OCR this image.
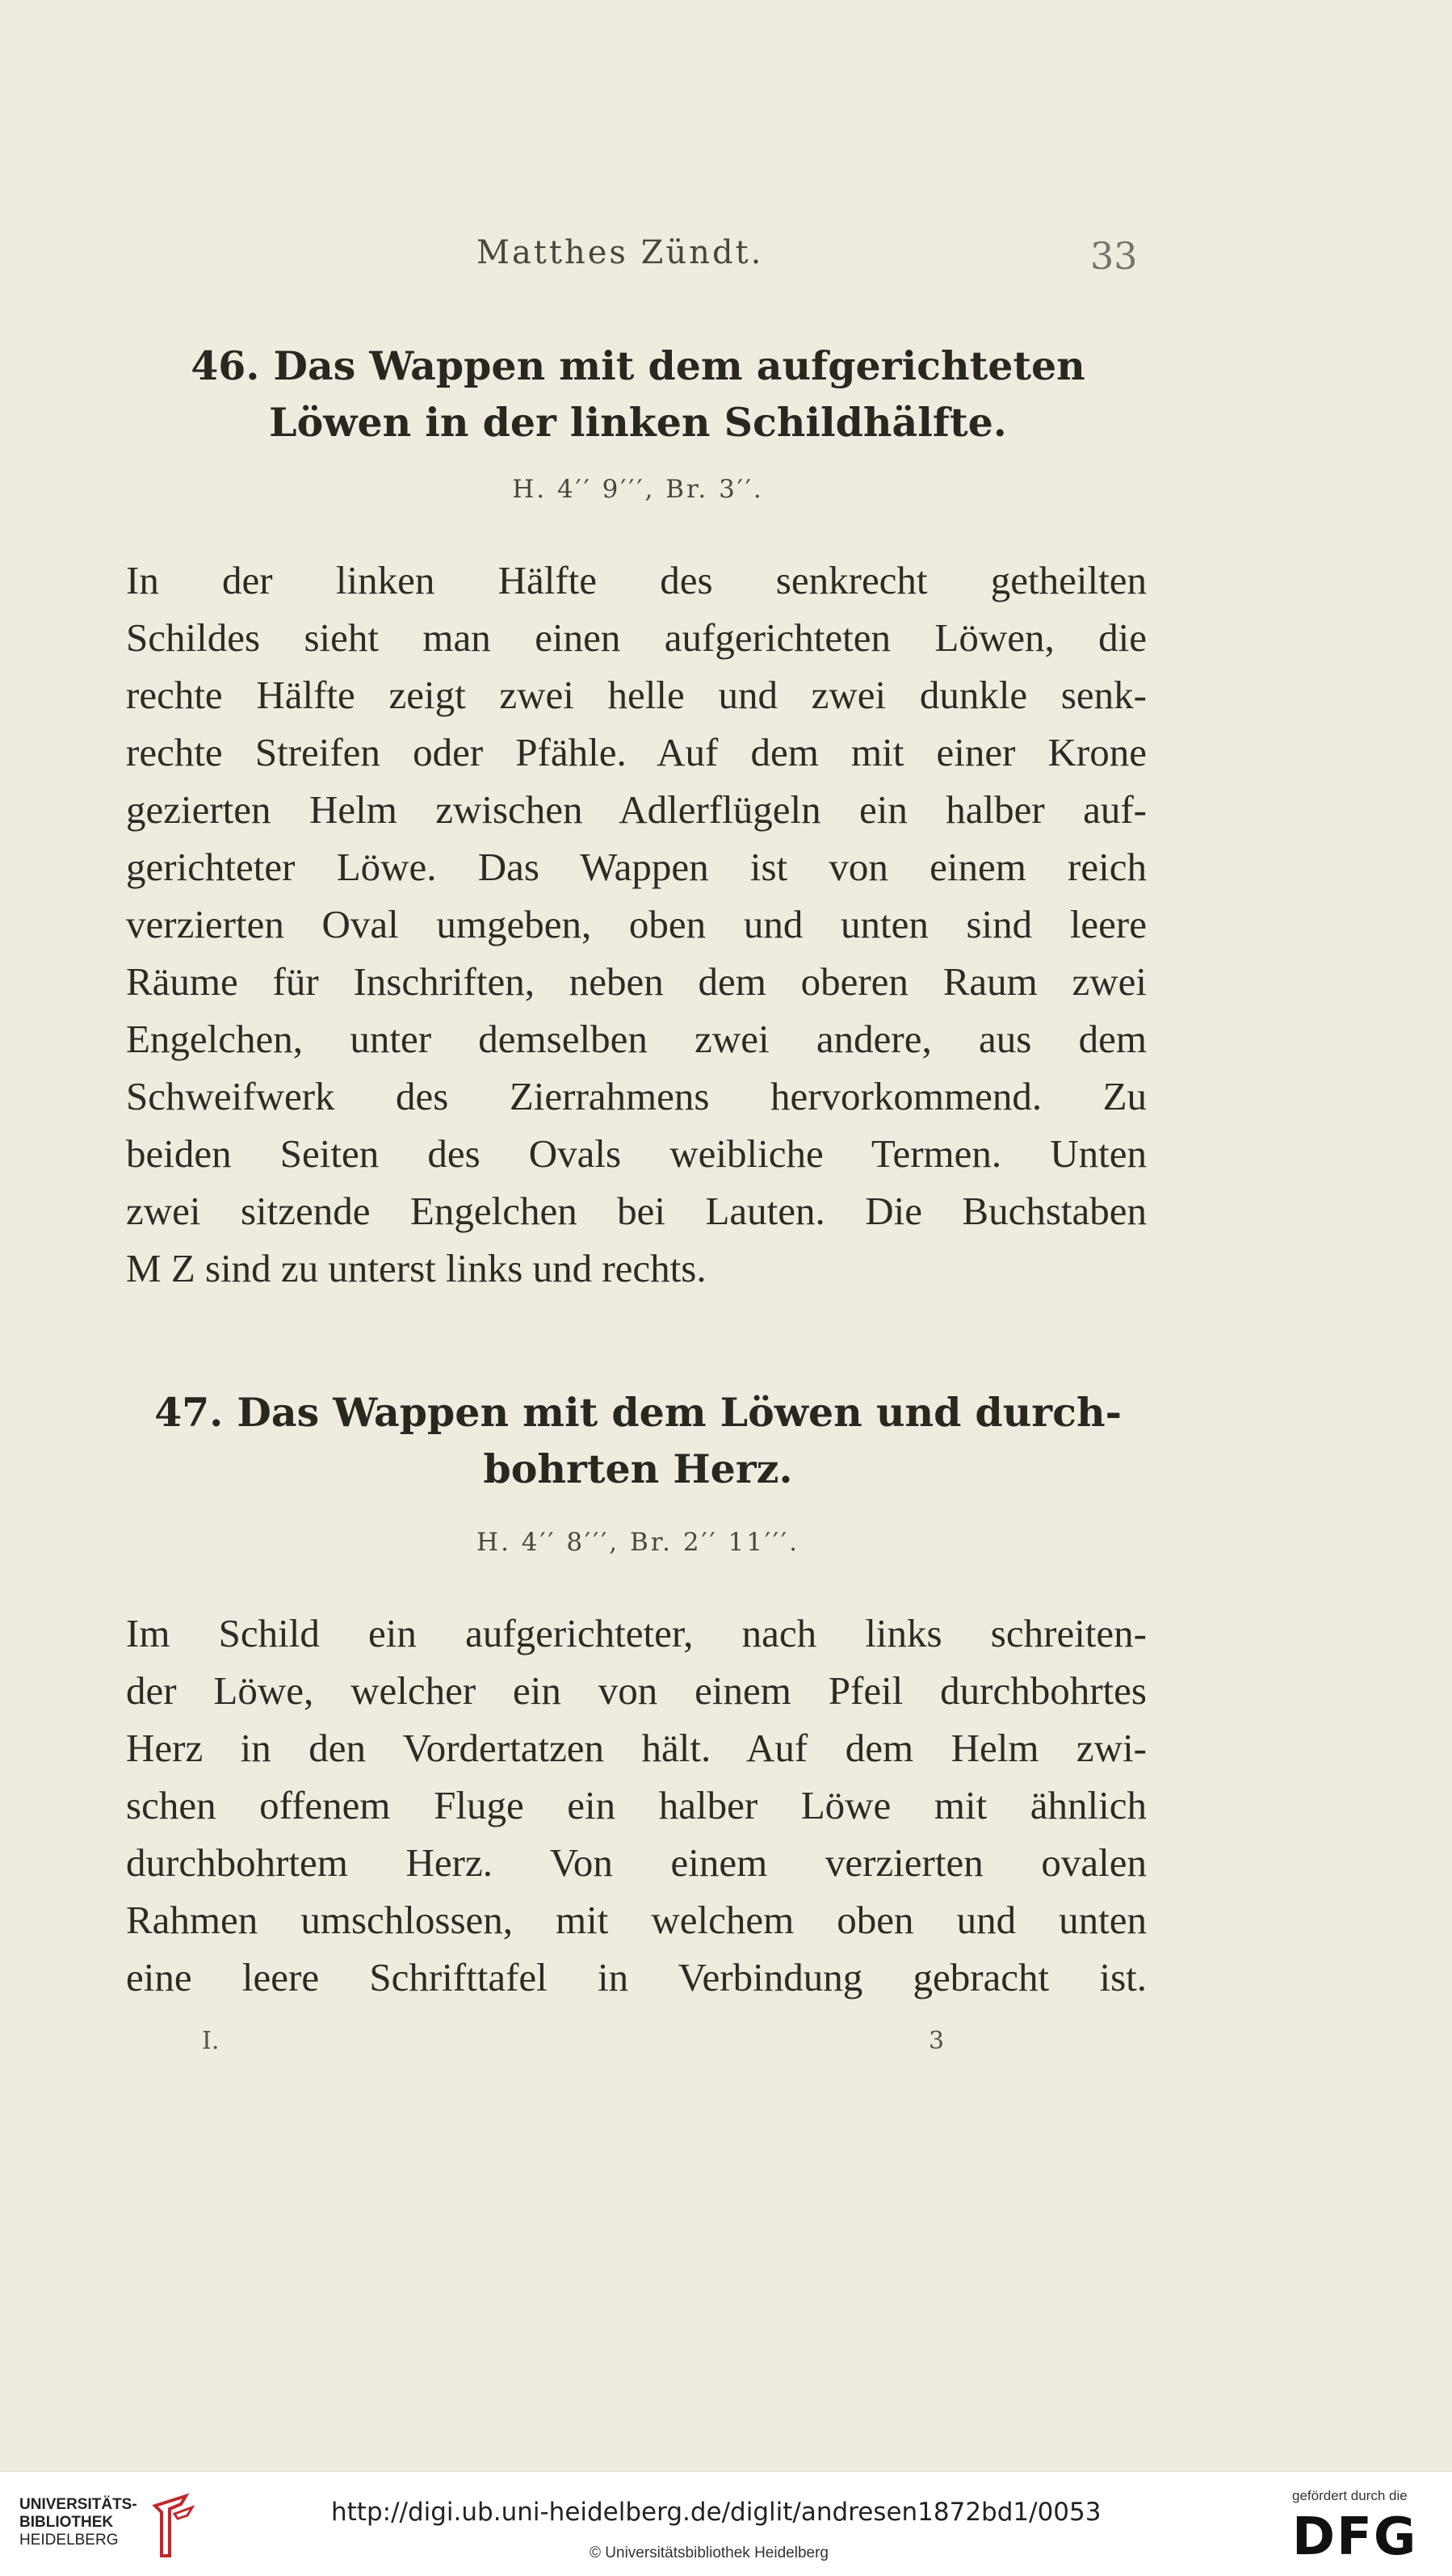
Matthes Zündt.	33
46. Das Wappen mit dem aufgerichteten
Löwen in der linken Schildhälfte.
H. 4′′ 9′′′, Br. 3′′.
In der linken Hälfte des senkrecht getheilten
Schildes sieht man einen aufgerichteten Löwen, die
rechte Hälfte zeigt zwei helle und zwei dunkle senk-
rechte Streifen oder Pfähle. Auf dem mit einer Krone
gezierten Helm zwischen Adlerflügeln ein halber auf-
gerichteter Löwe. Das Wappen ist von einem reich
verzierten Oval umgeben, oben und unten sind leere
Räume für Inschriften, neben dem oberen Raum zwei
Engelchen, unter demselben zwei andere, aus dem
Schweifwerk des Zierrahmens hervorkommend. Zu
beiden Seiten des Ovals weibliche Termen. Unten
zwei sitzende Engelchen bei Lauten. Die Buchstaben
M Z sind zu unterst links und rechts.
47. Das Wappen mit dem Löwen und durch-
bohrten Herz.
H. 4′′ 8′′′, Br. 2′′ 11′′′.
Im Schild ein aufgerichteter, nach links schreiten-
der Löwe, welcher ein von einem Pfeil durchbohrtes
Herz in den Vordertatzen hält. Auf dem Helm zwi-
schen offenem Fluge ein halber Löwe mit ähnlich
durchbohrtem Herz. Von einem verzierten ovalen
Rahmen umschlossen, mit welchem oben und unten
eine leere Schrifttafel in Verbindung gebracht ist.
I.	3
UNIVERSITÄTS-
BIBLIOTHEK
HEIDELBERG
http://digi.ub.uni-heidelberg.de/diglit/andresen1872bd1/0053
© Universitätsbibliothek Heidelberg
gefördert durch die
DFG
